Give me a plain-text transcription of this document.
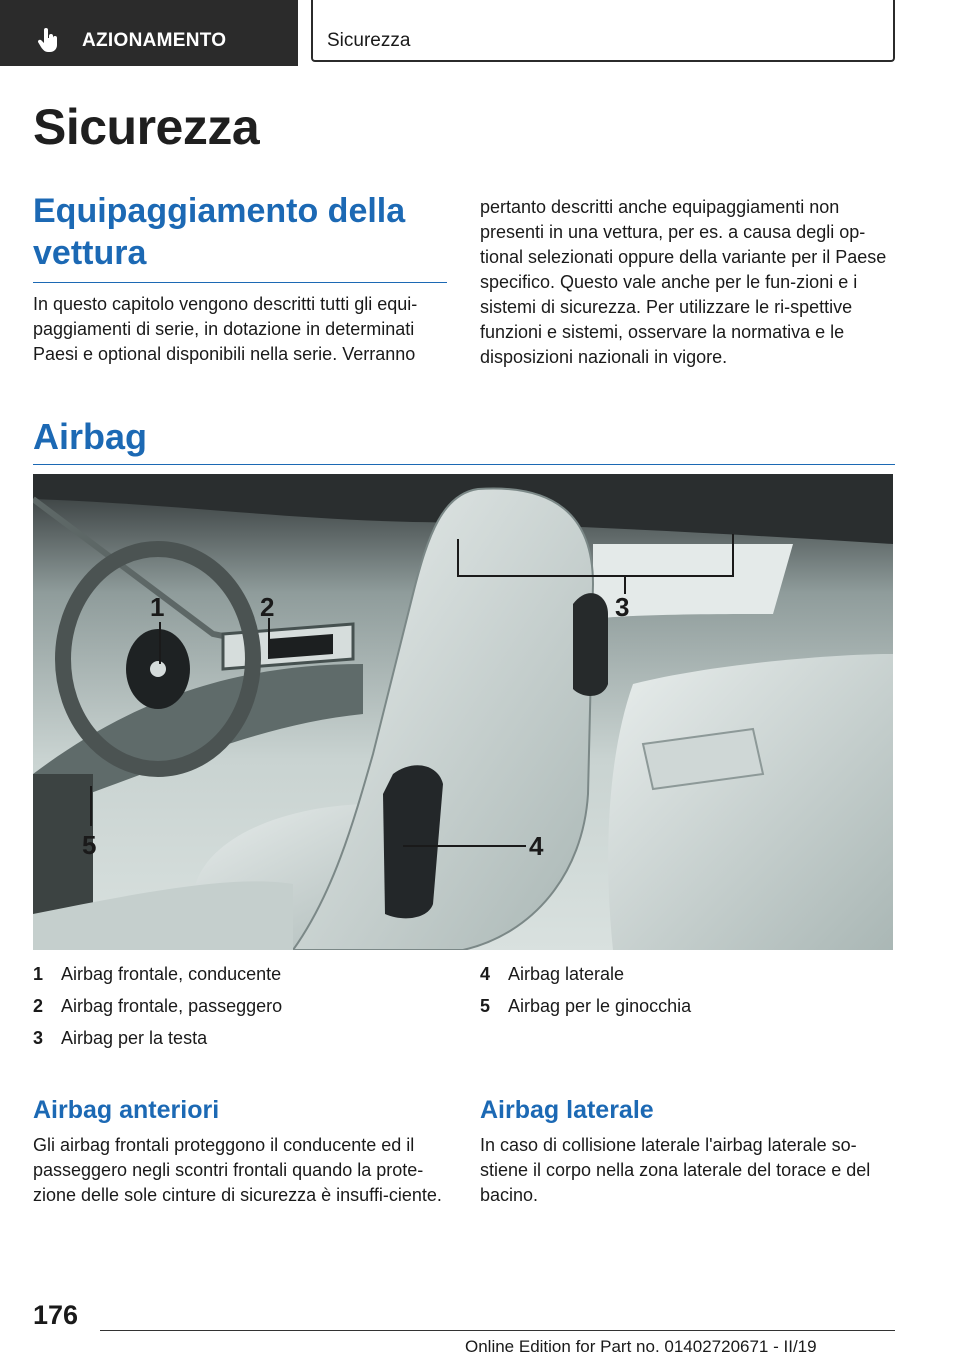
AZIONAMENTO	Sicurezza
Sicurezza
Equipaggiamento della vettura

In questo capitolo vengono descritti tutti gli equi-paggiamenti di serie, in dotazione in determinati Paesi e optional disponibili nella serie. Verranno

pertanto descritti anche equipaggiamenti non presenti in una vettura, per es. a causa degli op-tional selezionati oppure della variante per il Paese specifico. Questo vale anche per le fun-zioni e i sistemi di sicurezza. Per utilizzare le ri-spettive funzioni e sistemi, osservare la normativa e le disposizioni nazionali in vigore.

Airbag
1	2	3
4
5
1 Airbag frontale, conducente
2 Airbag frontale, passeggero
3 Airbag per la testa
4 Airbag laterale
5 Airbag per le ginocchia
Airbag anteriori

Gli airbag frontali proteggono il conducente ed il passeggero negli scontri frontali quando la prote-zione delle sole cinture di sicurezza è insuffi-ciente.

Airbag laterale

In caso di collisione laterale l'airbag laterale so-stiene il corpo nella zona laterale del torace e del bacino.

176
Online Edition for Part no. 01402720671 - II/19
